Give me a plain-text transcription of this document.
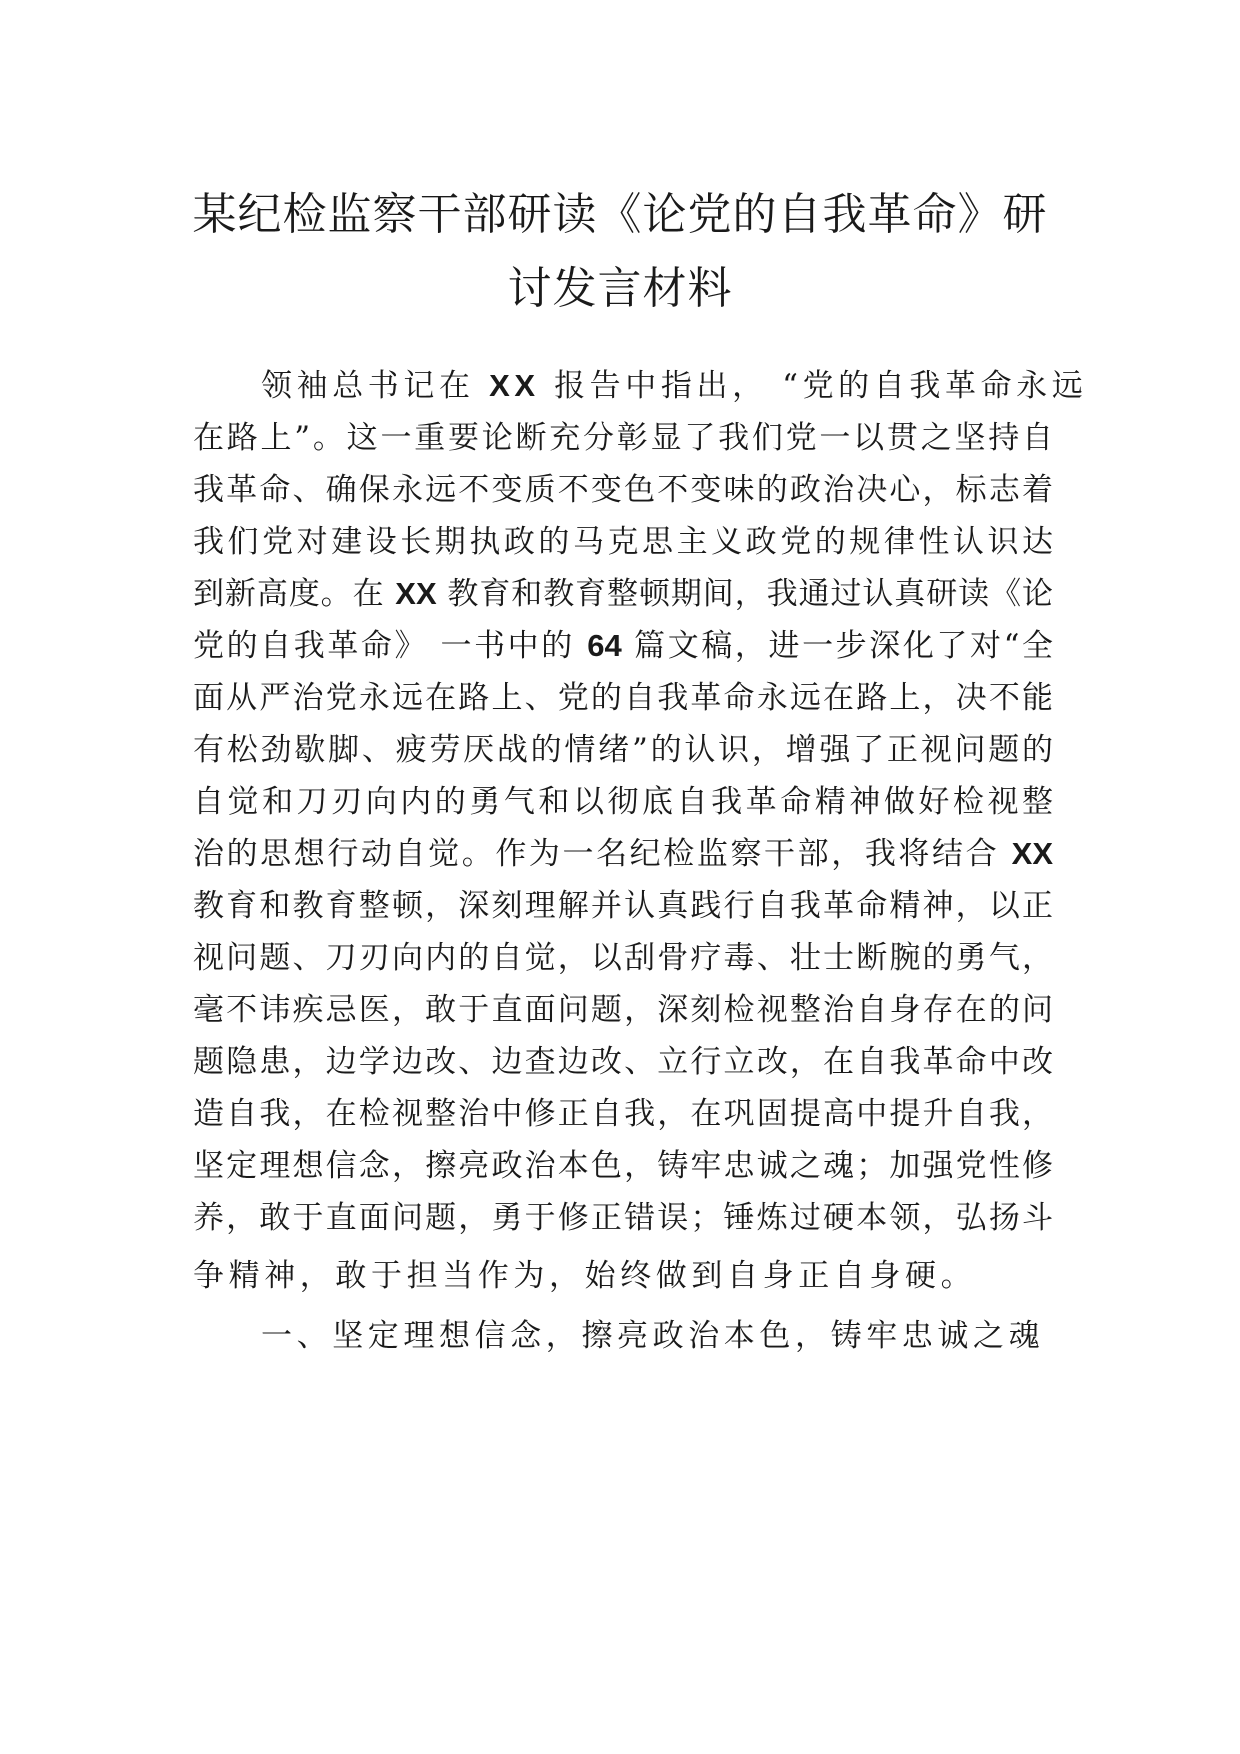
某纪检监察干部研读《论党的自我革命》研
讨发言材料
领袖总书记在 XX 报告中指出， “党的自我革命永远
在路上”。这一重要论断充分彰显了我们党一以贯之坚持自
我革命、确保永远不变质不变色不变味的政治决心，标志着
我们党对建设长期执政的马克思主义政党的规律性认识达
到新高度。在 XX 教育和教育整顿期间，我通过认真研读《论
党的自我革命》 一书中的 64 篇文稿，进一步深化了对“全
面从严治党永远在路上、党的自我革命永远在路上，决不能
有松劲歇脚、疲劳厌战的情绪”的认识，增强了正视问题的
自觉和刀刃向内的勇气和以彻底自我革命精神做好检视整
治的思想行动自觉。作为一名纪检监察干部，我将结合 XX
教育和教育整顿，深刻理解并认真践行自我革命精神，以正
视问题、刀刃向内的自觉，以刮骨疗毒、壮士断腕的勇气，
毫不讳疾忌医，敢于直面问题，深刻检视整治自身存在的问
题隐患，边学边改、边查边改、立行立改，在自我革命中改
造自我，在检视整治中修正自我，在巩固提高中提升自我，
坚定理想信念，擦亮政治本色，铸牢忠诚之魂；加强党性修
养，敢于直面问题，勇于修正错误；锤炼过硬本领，弘扬斗
争精神，敢于担当作为，始终做到自身正自身硬。
一、坚定理想信念，擦亮政治本色，铸牢忠诚之魂
